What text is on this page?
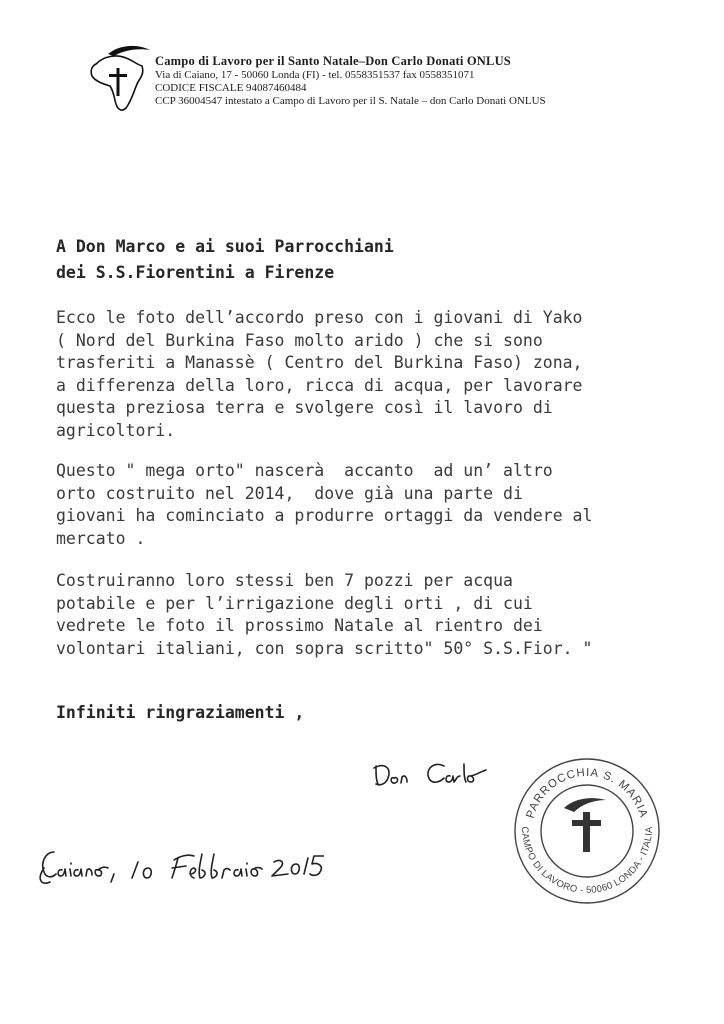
Campo di Lavoro per il Santo Natale–Don Carlo Donati ONLUS
Via di Caiano, 17 - 50060 Londa (FI) - tel. 0558351537 fax 0558351071
CODICE FISCALE 94087460484
CCP 36004547 intestato a Campo di Lavoro per il S. Natale – don Carlo Donati ONLUS
A Don Marco e ai suoi Parrocchiani
dei S.S.Fiorentini a Firenze
Ecco le foto dell’accordo preso con i giovani di Yako
( Nord del Burkina Faso molto arido ) che si sono
trasferiti a Manassè ( Centro del Burkina Faso) zona,
a differenza della loro, ricca di acqua, per lavorare
questa preziosa terra e svolgere così il lavoro di
agricoltori.
Questo " mega orto" nascerà  accanto  ad un’ altro
orto costruito nel 2014,  dove già una parte di
giovani ha cominciato a produrre ortaggi da vendere al
mercato .
Costruiranno loro stessi ben 7 pozzi per acqua
potabile e per l’irrigazione degli orti , di cui
vedrete le foto il prossimo Natale al rientro dei
volontari italiani, con sopra scritto" 50° S.S.Fior. "
Infiniti ringraziamenti ,
PARROCCHIA S. MARIA
CAMPO DI LAVORO - 50060 LONDA - ITALIA
